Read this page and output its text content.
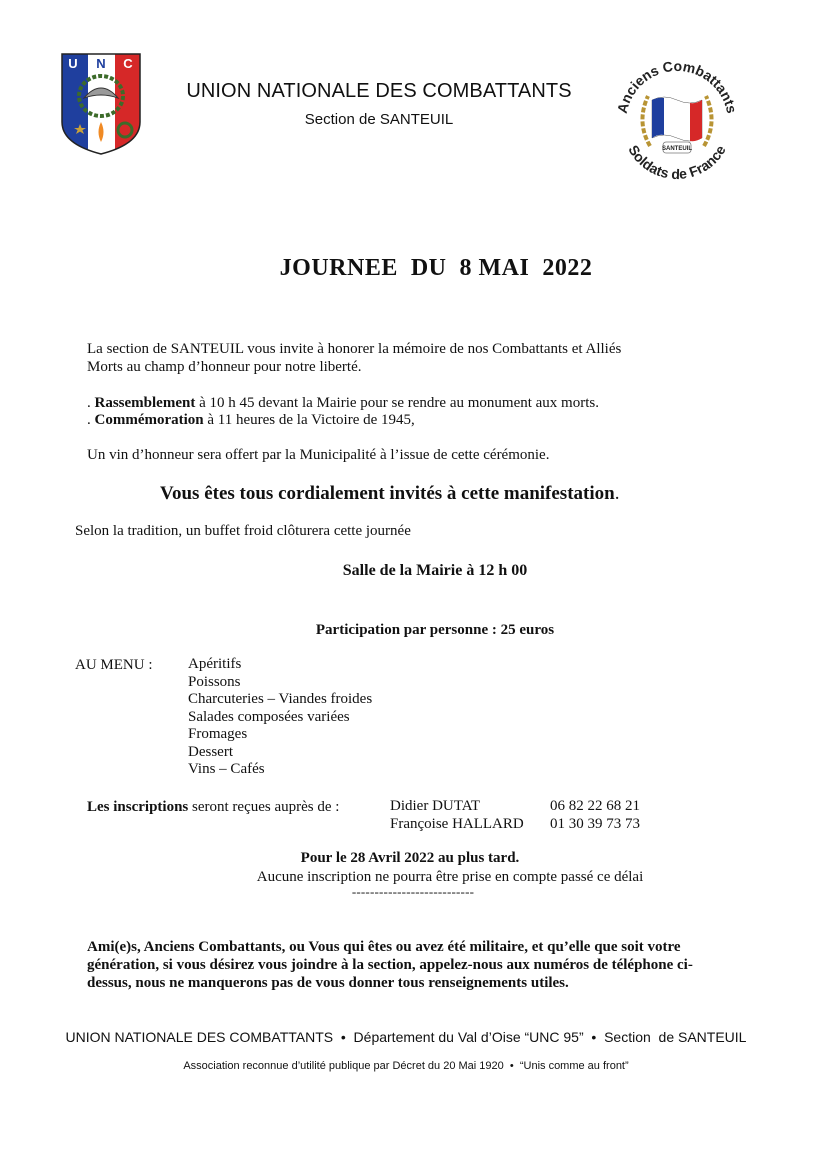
U N C
UNION NATIONALE DES COMBATTANTS
Section de SANTEUIL
Anciens Combattants
Soldats de France
SANTEUIL
JOURNEE  DU  8 MAI  2022
La section de SANTEUIL vous invite à honorer la mémoire de nos Combattants et Alliés
Morts au champ d’honneur pour notre liberté.
. Rassemblement à 10 h 45 devant la Mairie pour se rendre au monument aux morts.
. Commémoration à 11 heures de la Victoire de 1945,
Un vin d’honneur sera offert par la Municipalité à l’issue de cette cérémonie.
Vous êtes tous cordialement invités à cette manifestation.
Selon la tradition, un buffet froid clôturera cette journée
Salle de la Mairie à 12 h 00
Participation par personne : 25 euros
AU MENU : Apéritifs
Poissons
Charcuteries – Viandes froides
Salades composées variées
Fromages
Dessert
Vins – Cafés
Les inscriptions seront reçues auprès de :	Didier DUTAT	06 82 22 68 21
Françoise HALLARD	01 30 39 73 73
Pour le 28 Avril 2022 au plus tard.
Aucune inscription ne pourra être prise en compte passé ce délai
---------------------------
Ami(e)s, Anciens Combattants, ou Vous qui êtes ou avez été militaire, et qu’elle que soit votre
génération, si vous désirez vous joindre à la section, appelez-nous aux numéros de téléphone ci-
dessus, nous ne manquerons pas de vous donner tous renseignements utiles.
UNION NATIONALE DES COMBATTANTS  •  Département du Val d’Oise “UNC 95”  •  Section  de SANTEUIL
Association reconnue d’utilité publique par Décret du 20 Mai 1920  •  “Unis comme au front”
